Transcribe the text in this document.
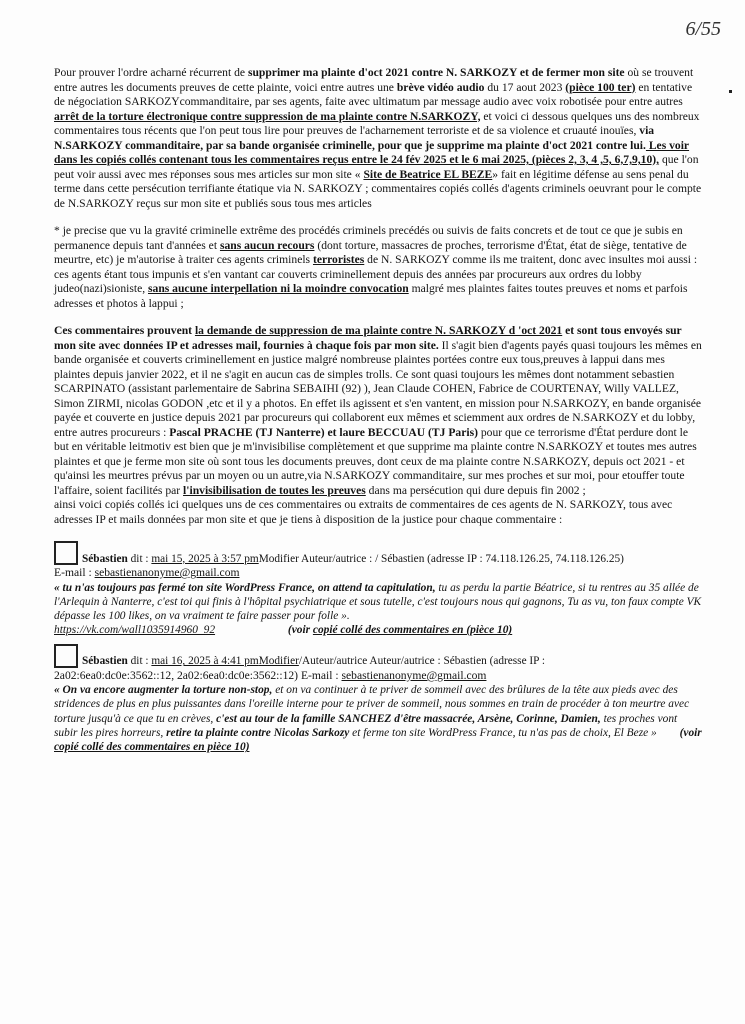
6/55

Pour prouver l'ordre acharné récurrent de supprimer ma plainte d'oct 2021 contre N. SARKOZY et de fermer mon site où se trouvent entre autres les documents preuves de cette plainte, voici entre autres une brève vidéo audio du 17 aout 2023 (pièce 100 ter) en tentative de négociation SARKOZYcommanditaire, par ses agents, faite avec ultimatum par message audio avec voix robotisée pour entre autres arrêt de la torture électronique contre suppression de ma plainte contre N.SARKOZY, et voici ci dessous quelques uns des nombreux commentaires tous récents que l'on peut tous lire pour preuves de l'acharnement terroriste et de sa violence et cruauté inouïes, via N.SARKOZY commanditaire, par sa bande organisée criminelle, pour que je supprime ma plainte d'oct 2021 contre lui. Les voir dans les copiés collés contenant tous les commentaires reçus entre le 24 fév 2025 et le 6 mai 2025, (pièces 2, 3, 4 ,5, 6,7,9,10), que l'on peut voir aussi avec mes réponses sous mes articles sur mon site « Site de Beatrice EL BEZE» fait en légitime défense au sens penal du terme dans cette persécution terrifiante étatique via N. SARKOZY ; commentaires copiés collés d'agents criminels oeuvrant pour le compte de N.SARKOZY reçus sur mon site et publiés sous tous mes articles

* je precise que vu la gravité criminelle extrême des procédés criminels precédés ou suivis de faits concrets et de tout ce que je subis en permanence depuis tant d'années et sans aucun recours (dont torture, massacres de proches, terrorisme d'État, état de siège, tentative de meurtre, etc) je m'autorise à traiter ces agents criminels terroristes de N. SARKOZY comme ils me traitent, donc avec insultes moi aussi : ces agents étant tous impunis et s'en vantant car couverts criminellement depuis des années par procureurs aux ordres du lobby judeo(nazi)sioniste, sans aucune interpellation ni la moindre convocation malgré mes plaintes faites toutes preuves et noms et parfois adresses et photos à lappui ;

Ces commentaires prouvent la demande de suppression de ma plainte contre N. SARKOZY d 'oct 2021 et sont tous envoyés sur mon site avec données IP et adresses mail, fournies à chaque fois par mon site. Il s'agit bien d'agents payés quasi toujours les mêmes en bande organisée et couverts criminellement en justice malgré nombreuse plaintes portées contre eux tous,preuves à lappui dans mes plaintes depuis janvier 2022, et il ne s'agit en aucun cas de simples trolls. Ce sont quasi toujours les mêmes dont notamment sebastien SCARPINATO (assistant parlementaire de Sabrina SEBAIHI (92) ), Jean Claude COHEN, Fabrice de COURTENAY, Willy VALLEZ, Simon ZIRMI, nicolas GODON ,etc et il y a photos. En effet ils agissent et s'en vantent, en mission pour N.SARKOZY, en bande organisée payée et couverte en justice depuis 2021 par procureurs qui collaborent eux mêmes et sciemment aux ordres de N.SARKOZY et du lobby, entre autres procureurs : Pascal PRACHE (TJ Nanterre) et laure BECCUAU (TJ Paris) pour que ce terrorisme d'État perdure dont le but en véritable leitmotiv est bien que je m'invisibilise complètement et que supprime ma plainte contre N.SARKOZY et toutes mes autres plaintes et que je ferme mon site où sont tous les documents preuves, dont ceux de ma plainte contre N.SARKOZY, depuis oct 2021 - et qu'ainsi les meurtres prévus par un moyen ou un autre,via N.SARKOZY commanditaire, sur mes proches et sur moi, pour etouffer toute l'affaire, soient facilités par l'invisibilisation de toutes les preuves dans ma persécution qui dure depuis fin 2002 ;
ainsi voici copiés collés ici quelques uns de ces commentaires ou extraits de commentaires de ces agents de N. SARKOZY, tous avec adresses IP et mails données par mon site et que je tiens à disposition de la justice pour chaque commentaire :

Sébastien dit : mai 15, 2025 à 3:57 pmModifier Auteur/autrice : / Sébastien (adresse IP : 74.118.126.25, 74.118.126.25)

E-mail : sebastienanonyme@gmail.com

« tu n'as toujours pas fermé ton site WordPress France, on attend ta capitulation, tu as perdu la partie Béatrice, si tu rentres au 35 allée de l'Arlequin à Nanterre, c'est toi qui finis à l'hôpital psychiatrique et sous tutelle, c'est toujours nous qui gagnons, Tu as vu, ton faux compte VK dépasse les 100 likes, on va vraiment te faire passer pour folle ».
https://vk.com/wall1035914960_92	(voir copié collé des commentaires en (pièce 10)

Sébastien dit : mai 16, 2025 à 4:41 pmModifier/Auteur/autrice Auteur/autrice : Sébastien (adresse IP :

2a02:6ea0:dc0e:3562::12, 2a02:6ea0:dc0e:3562::12) E-mail : sebastienanonyme@gmail.com

« On va encore augmenter la torture non-stop, et on va continuer à te priver de sommeil avec des brûlures de la tête aux pieds avec des stridences de plus en plus puissantes dans l'oreille interne pour te priver de sommeil, nous sommes en train de procéder à ton meurtre avec torture jusqu'à ce que tu en crèves, c'est au tour de la famille SANCHEZ d'être massacrée, Arsène, Corinne, Damien, tes proches vont subir les pires horreurs, retire ta plainte contre Nicolas Sarkozy et ferme ton site WordPress France, tu n'as pas de choix, El Beze » (voir copié collé des commentaires en pièce 10)
